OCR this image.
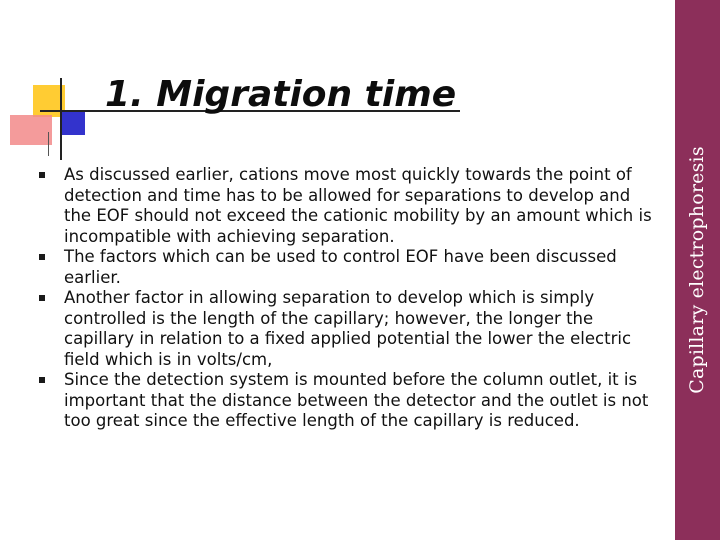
1. Migration time
As discussed earlier, cations move most quickly towards the point of detection and time has to be allowed for separations to develop and the EOF should not exceed the cationic mobility by an amount which is incompatible with achieving separation.
The factors which can be used to control EOF have been discussed earlier.
Another factor in allowing separation to develop which is simply controlled is the length of the capillary; however, the longer the capillary in relation to a fixed applied potential the lower the electric field which is in volts/cm,
Since the detection system is mounted before the column outlet, it is important that the distance between the detector and the outlet is not too great since the effective length of the capillary is reduced.
Capillary electrophoresis
